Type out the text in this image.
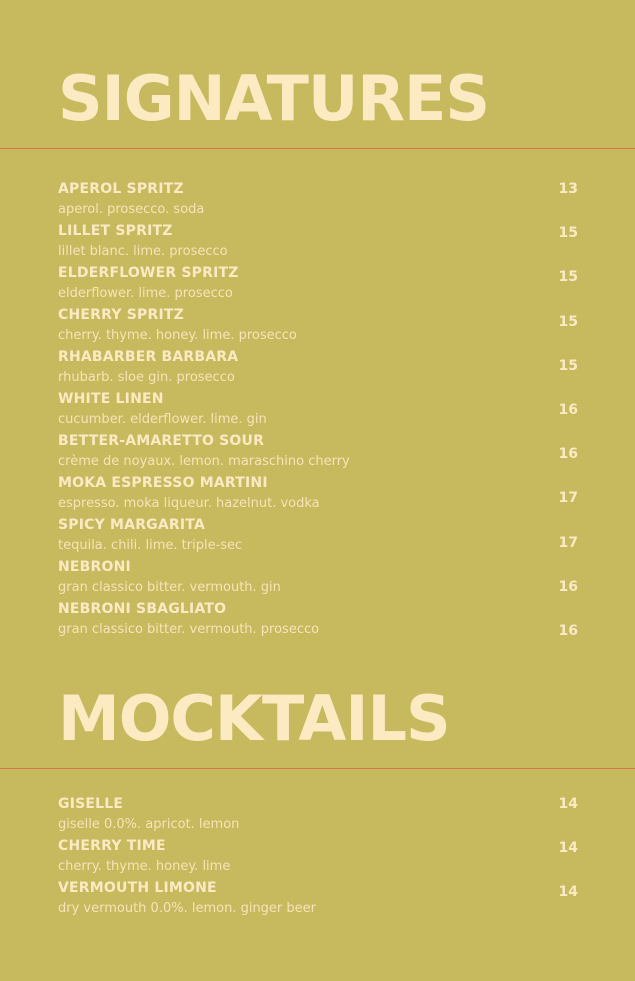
SIGNATURES
APEROL SPRITZ
aperol. prosecco. soda
13
LILLET SPRITZ
lillet blanc. lime. prosecco
15
ELDERFLOWER SPRITZ
elderflower. lime. prosecco
15
CHERRY SPRITZ
cherry. thyme. honey. lime. prosecco
15
RHABARBER BARBARA
rhubarb. sloe gin. prosecco
15
WHITE LINEN
cucumber. elderflower. lime. gin
16
BETTER-AMARETTO SOUR
crème de noyaux. lemon. maraschino cherry	16
MOKA ESPRESSO MARTINI
espresso. moka liqueur. hazelnut. vodka	17
SPICY MARGARITA
tequila. chili. lime. triple-sec	17
NEBRONI
gran classico bitter. vermouth. gin	16
NEBRONI SBAGLIATO
gran classico bitter. vermouth. prosecco	16
MOCKTAILS
GISELLE
giselle 0.0%. apricot. lemon
14
CHERRY TIME
cherry. thyme. honey. lime
14
VERMOUTH LIMONE
dry vermouth 0.0%. lemon. ginger beer
14
